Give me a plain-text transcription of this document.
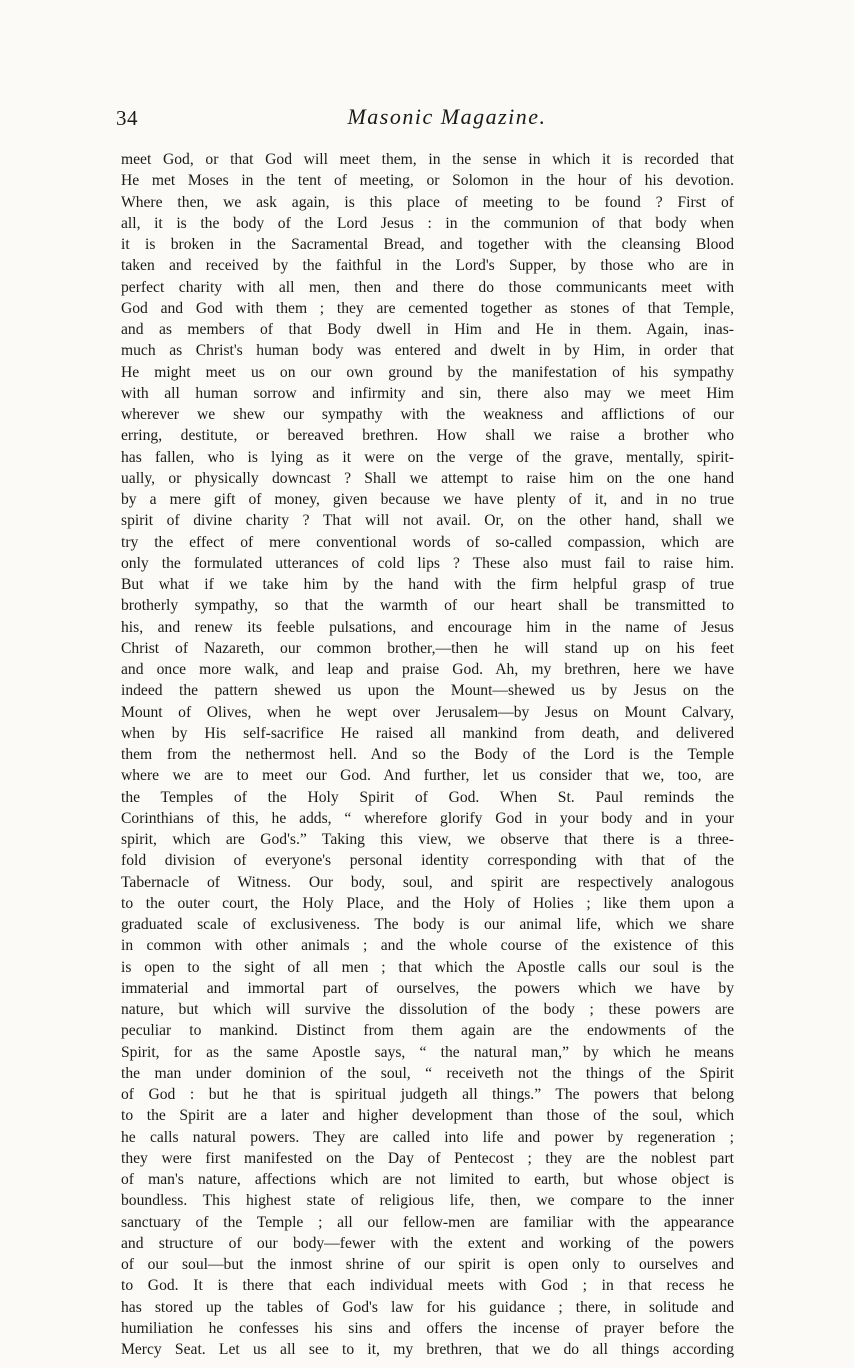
34	Masonic Magazine.
meet God, or that God will meet them, in the sense in which it is recorded that
He met Moses in the tent of meeting, or Solomon in the hour of his devotion.
Where then, we ask again, is this place of meeting to be found ? First of
all, it is the body of the Lord Jesus : in the communion of that body when
it is broken in the Sacramental Bread, and together with the cleansing Blood
taken and received by the faithful in the Lord's Supper, by those who are in
perfect charity with all men, then and there do those communicants meet with
God and God with them ; they are cemented together as stones of that Temple,
and as members of that Body dwell in Him and He in them. Again, inas-
much as Christ's human body was entered and dwelt in by Him, in order that
He might meet us on our own ground by the manifestation of his sympathy
with all human sorrow and infirmity and sin, there also may we meet Him
wherever we shew our sympathy with the weakness and afflictions of our
erring, destitute, or bereaved brethren. How shall we raise a brother who
has fallen, who is lying as it were on the verge of the grave, mentally, spirit-
ually, or physically downcast ? Shall we attempt to raise him on the one hand
by a mere gift of money, given because we have plenty of it, and in no true
spirit of divine charity ? That will not avail. Or, on the other hand, shall we
try the effect of mere conventional words of so-called compassion, which are
only the formulated utterances of cold lips ? These also must fail to raise him.
But what if we take him by the hand with the firm helpful grasp of true
brotherly sympathy, so that the warmth of our heart shall be transmitted to
his, and renew its feeble pulsations, and encourage him in the name of Jesus
Christ of Nazareth, our common brother,—then he will stand up on his feet
and once more walk, and leap and praise God. Ah, my brethren, here we have
indeed the pattern shewed us upon the Mount—shewed us by Jesus on the
Mount of Olives, when he wept over Jerusalem—by Jesus on Mount Calvary,
when by His self-sacrifice He raised all mankind from death, and delivered
them from the nethermost hell. And so the Body of the Lord is the Temple
where we are to meet our God. And further, let us consider that we, too, are
the Temples of the Holy Spirit of God. When St. Paul reminds the
Corinthians of this, he adds, “ wherefore glorify God in your body and in your
spirit, which are God's.” Taking this view, we observe that there is a three-
fold division of everyone's personal identity corresponding with that of the
Tabernacle of Witness. Our body, soul, and spirit are respectively analogous
to the outer court, the Holy Place, and the Holy of Holies ; like them upon a
graduated scale of exclusiveness. The body is our animal life, which we share
in common with other animals ; and the whole course of the existence of this
is open to the sight of all men ; that which the Apostle calls our soul is the
immaterial and immortal part of ourselves, the powers which we have by
nature, but which will survive the dissolution of the body ; these powers are
peculiar to mankind. Distinct from them again are the endowments of the
Spirit, for as the same Apostle says, “ the natural man,” by which he means
the man under dominion of the soul, “ receiveth not the things of the Spirit
of God : but he that is spiritual judgeth all things.” The powers that belong
to the Spirit are a later and higher development than those of the soul, which
he calls natural powers. They are called into life and power by regeneration ;
they were first manifested on the Day of Pentecost ; they are the noblest part
of man's nature, affections which are not limited to earth, but whose object is
boundless. This highest state of religious life, then, we compare to the inner
sanctuary of the Temple ; all our fellow-men are familiar with the appearance
and structure of our body—fewer with the extent and working of the powers
of our soul—but the inmost shrine of our spirit is open only to ourselves and
to God. It is there that each individual meets with God ; in that recess he
has stored up the tables of God's law for his guidance ; there, in solitude and
humiliation he confesses his sins and offers the incense of prayer before the
Mercy Seat. Let us all see to it, my brethren, that we do all things according
